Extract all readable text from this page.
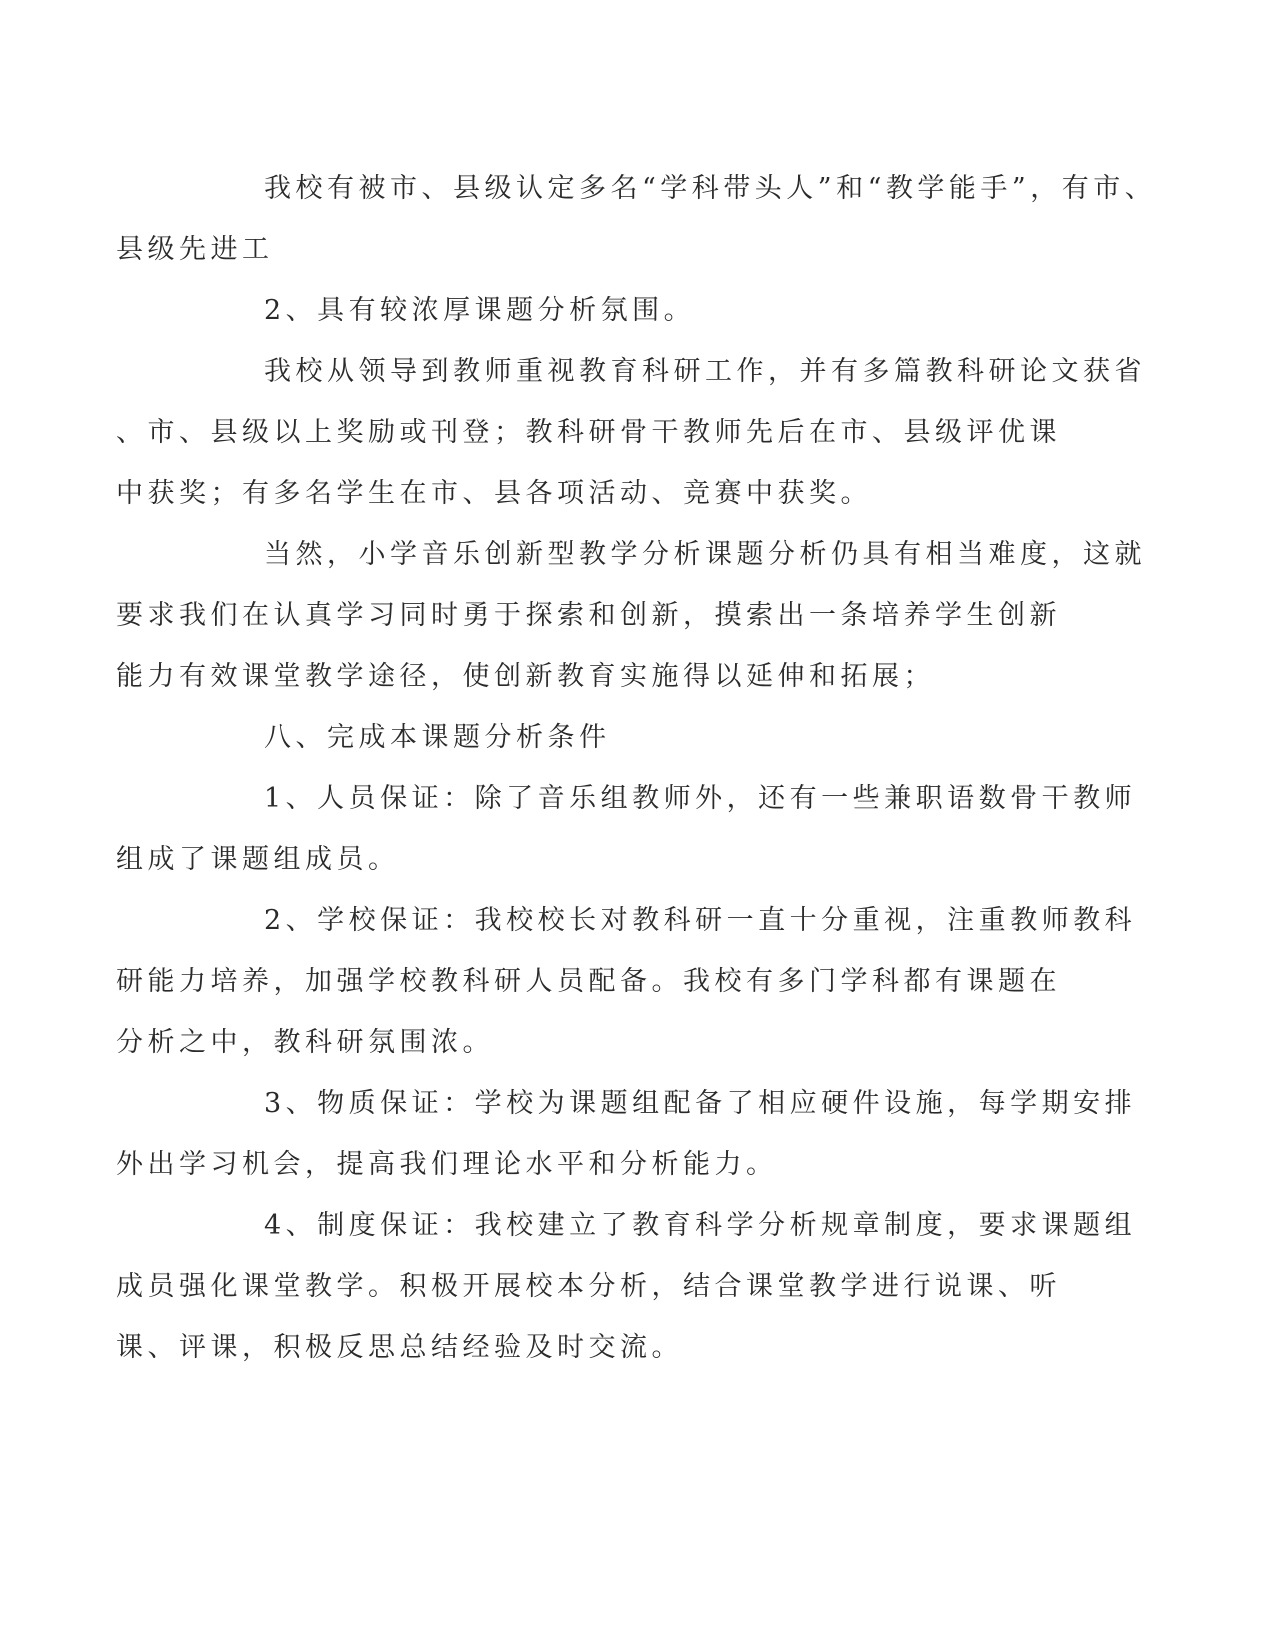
我校有被市、县级认定多名“学科带头人”和“教学能手”，有市、
县级先进工

2、具有较浓厚课题分析氛围。

我校从领导到教师重视教育科研工作，并有多篇教科研论文获省
、市、县级以上奖励或刊登；教科研骨干教师先后在市、县级评优课
中获奖；有多名学生在市、县各项活动、竞赛中获奖。

当然，小学音乐创新型教学分析课题分析仍具有相当难度，这就
要求我们在认真学习同时勇于探索和创新，摸索出一条培养学生创新
能力有效课堂教学途径，使创新教育实施得以延伸和拓展；

八、完成本课题分析条件

1、人员保证：除了音乐组教师外，还有一些兼职语数骨干教师
组成了课题组成员。

2、学校保证：我校校长对教科研一直十分重视，注重教师教科
研能力培养，加强学校教科研人员配备。我校有多门学科都有课题在
分析之中，教科研氛围浓。

3、物质保证：学校为课题组配备了相应硬件设施，每学期安排
外出学习机会，提高我们理论水平和分析能力。

4、制度保证：我校建立了教育科学分析规章制度，要求课题组
成员强化课堂教学。积极开展校本分析，结合课堂教学进行说课、听
课、评课，积极反思总结经验及时交流。
